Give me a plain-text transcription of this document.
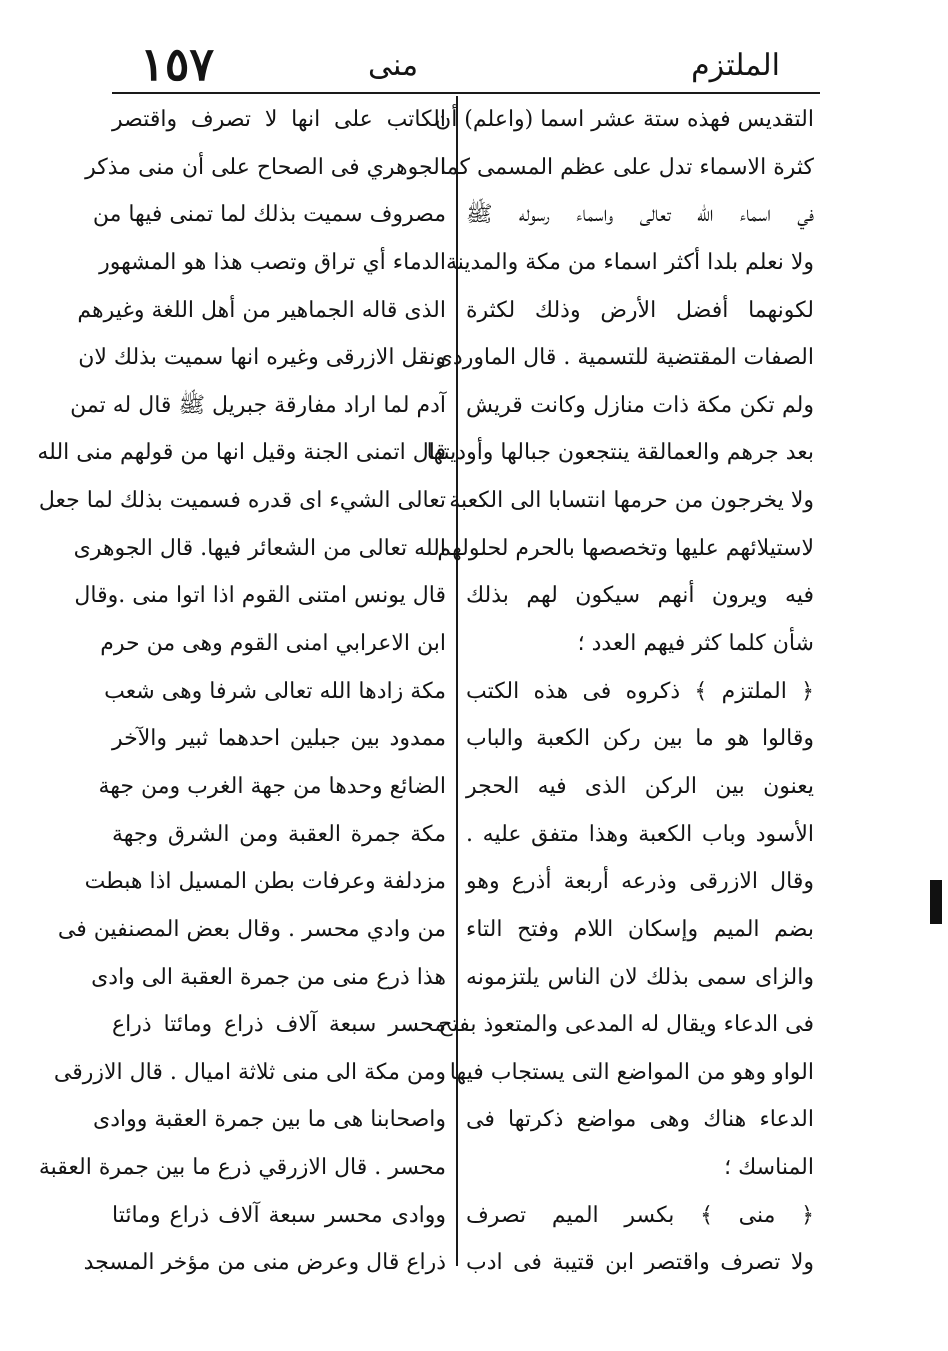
الملتزم
منى
١٥٧
التقديس فهذه ستة عشر اسما (واعلم) أن
كثرة الاسماء تدل على عظم المسمى كما
في اسماء الله تعالى واسماء رسوله ﷺ
ولا نعلم بلدا أكثر اسماء من مكة والمدينة
لكونهما أفضل الأرض وذلك لكثرة
الصفات المقتضية للتسمية . قال الماوردى
ولم تكن مكة ذات منازل وكانت قريش
بعد جرهم والعمالقة ينتجعون جبالها وأوديتها
ولا يخرجون من حرمها انتسابا الى الكعبة
لاستيلائهم عليها وتخصصها بالحرم لحلولهم
فيه ويرون أنهم سيكون لهم بذلك
شأن كلما كثر فيهم العدد ؛
﴿ الملتزم ﴾ ذكروه فى هذه الكتب
وقالوا هو ما بين ركن الكعبة والباب
يعنون بين الركن الذى فيه الحجر
الأسود وباب الكعبة وهذا متفق عليه .
وقال الازرقى وذرعه أربعة أذرع وهو
بضم الميم وإسكان اللام وفتح التاء
والزاى سمى بذلك لان الناس يلتزمونه
فى الدعاء ويقال له المدعى والمتعوذ بفتح
الواو وهو من المواضع التى يستجاب فيها
الدعاء هناك وهى مواضع ذكرتها فى
المناسك ؛
﴿ منى ﴾ بكسر الميم تصرف
ولا تصرف واقتصر ابن قتيبة فى ادب
الكاتب على انها لا تصرف واقتصر
الجوهري فى الصحاح على أن منى مذكر
مصروف سميت بذلك لما تمنى فيها من
الدماء أي تراق وتصب هذا هو المشهور
الذى قاله الجماهير من أهل اللغة وغيرهم
ونقل الازرقى وغيره انها سميت بذلك لان
آدم لما اراد مفارقة جبريل ﷺ قال له تمن
قال اتمنى الجنة وقيل انها من قولهم منى الله
تعالى الشيء اى قدره فسميت بذلك لما جعل
الله تعالى من الشعائر فيها. قال الجوهرى
قال يونس امتنى القوم اذا اتوا منى .وقال
ابن الاعرابي امنى القوم وهى من حرم
مكة زادها الله تعالى شرفا وهى شعب
ممدود بين جبلين احدهما ثبير والآخر
الضائع وحدها من جهة الغرب ومن جهة
مكة جمرة العقبة ومن الشرق وجهة
مزدلفة وعرفات بطن المسيل اذا هبطت
من وادي محسر . وقال بعض المصنفين فى
هذا ذرع منى من جمرة العقبة الى وادى
محسر سبعة آلاف ذراع ومائتا ذراع
ومن مكة الى منى ثلاثة اميال . قال الازرقى
واصحابنا هى ما بين جمرة العقبة ووادى
محسر . قال الازرقي ذرع ما بين جمرة العقبة
ووادى محسر سبعة آلاف ذراع ومائتا
ذراع قال وعرض منى من مؤخر المسجد
